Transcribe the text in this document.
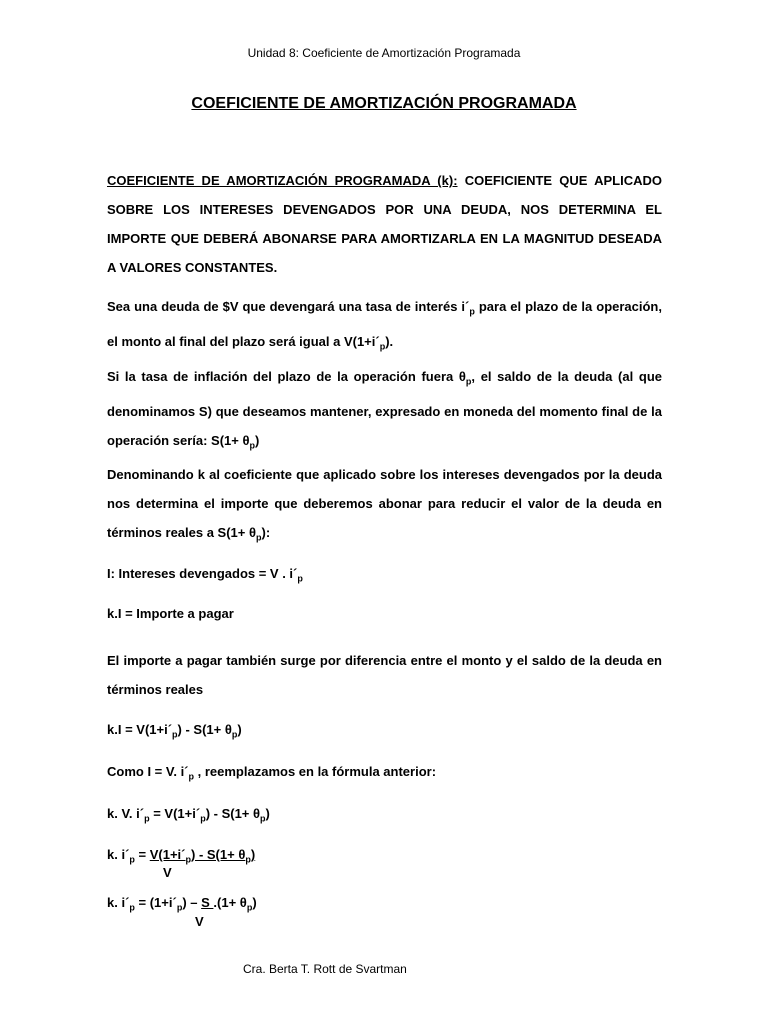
Unidad 8: Coeficiente de Amortización Programada
COEFICIENTE DE AMORTIZACIÓN PROGRAMADA
COEFICIENTE DE AMORTIZACIÓN PROGRAMADA (k): COEFICIENTE QUE APLICADO SOBRE LOS INTERESES DEVENGADOS POR UNA DEUDA, NOS DETERMINA EL IMPORTE QUE DEBERÁ ABONARSE PARA AMORTIZARLA EN LA MAGNITUD DESEADA A VALORES CONSTANTES.
Sea una deuda de $V que devengará una tasa de interés $i´_p$ para el plazo de la operación, el monto al final del plazo será igual a $V(1+i´_p)$.
Si la tasa de inflación del plazo de la operación fuera $\theta_p$, el saldo de la deuda (al que denominamos S) que deseamos mantener, expresado en moneda del momento final de la operación sería: $S(1+ \theta_p)$
Denominando k al coeficiente que aplicado sobre los intereses devengados por la deuda nos determina el importe que deberemos abonar para reducir el valor de la deuda en términos reales a $S(1+ \theta_p)$:
I: Intereses devengados = V . $i´_p$
k.I = Importe a pagar
El importe a pagar también surge por diferencia entre el monto y el saldo de la deuda en términos reales
$k.I = V(1+i´_p) - S(1+ \theta_p)$
Como I = V. $i´_p$ , reemplazamos en la fórmula anterior:
k. V. $i´_p$ = $V(1+i´_p) - S(1+ \theta_p)$
k. $i´_p$ = $V(1+i´_p) - S(1+ \theta_p)$
V
k. $i´_p$ = $(1+i´_p) - S$ $.(1+ \theta_p)$
V
Cra. Berta T. Rott de Svartman
